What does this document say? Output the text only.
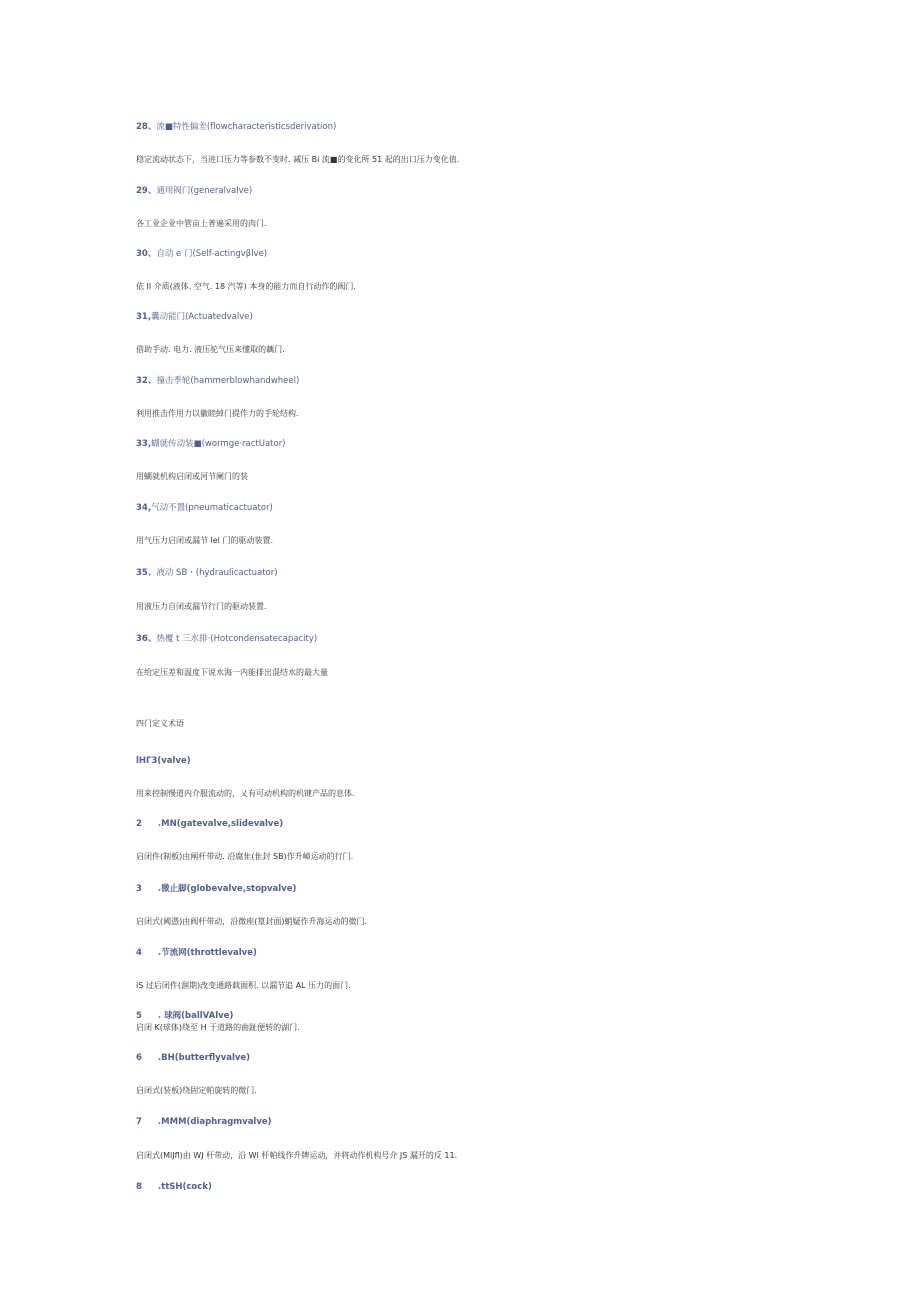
28、流■特性偏差(flowcharacteristicsderivation)
稳定流动状态下，当进口压力等参数不变时. 减压 Bi 流■的变化所 51 起的出口压力变化值.
29、通用阀门(generalvalve)
各工业企业中管亩上普遍采用的肉门.
30、自动 e 门(Self-actingvβlve)
依 Il 介质(液体. 空气. 18 汽等) 本身的能力而自行动作的阀门.
31,囊动能门(Actuatedvalve)
借助手动. 电力. 液压驼气压来懂取的藕门.
32、撞击季轮(hammerblowhandwheel)
利用推击作用力以徽睦綽门提作力的手轮结构.
33,蝴就传动装■(wormge·ractUator)
用蝴就机构启闭或河节阑门的装
34,气动不置(pneumaticactuator)
用气压力启闭或漏节 lel 门的驱动装置.
35、液动 SB・(hydraulicactuator)
用液压力自闭或漏节行门的驱动装置.
36、热覆 t 三水排·(Hotcondensatecapacity)
在给定压差和温度下说水海一内能排出混结水的最大量
四门定义术语
lHΓ3(valve)
用来控制慢道内介服流动的，乂有可动机构的机键产品的息体.
2 .MN(gatevalve,slidevalve)
启闭件(制板)由阐杆带动. 沿腐隹(隹封 SB)作升嶂运动的行门.
3 .微止脚(globevalve,stopvalve)
启闭式(阈憑)由阀杆带动，沿微座(篁封面)蛸疑作升海运动的微门.
4 .节流网(throttlevalve)
iS 过后闭件(涸期)改变通路载面积. 以漏节追 AL 压力的面门.
5 . 球阀(ballVAlve)
启闭 K(球体)绕至 H 于道路的曲趾便转的湖门.
6 .BH(butterflyvalve)
启闭式(装板)绕固定帕旋转的微门.
7 .MMM(diaphragmvalve)
启闭式(MlJfl)由 WJ 杆带动，沿 Wl 杆帕线作升牌运动，并将动作机构号介 JS 漏开的反 11.
8 .ttSH(cock)
